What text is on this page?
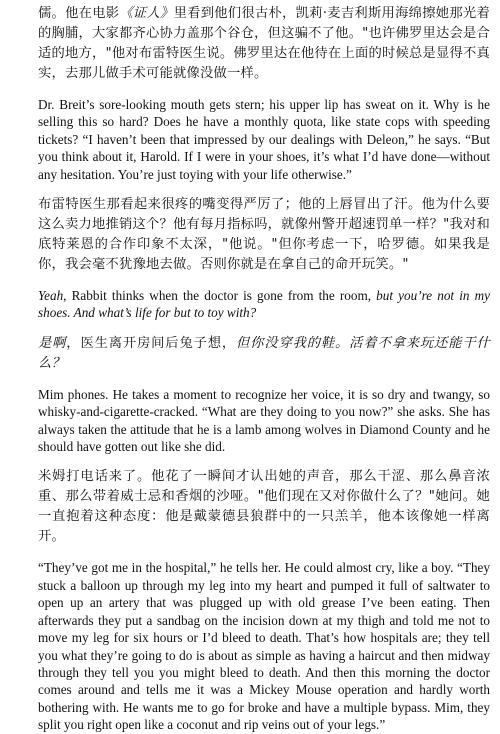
儒。他在电影《证人》里看到他们很古朴，凯莉·麦吉利斯用海绵擦她那光着的胸脯，大家都齐心协力盖那个谷仓，但这骗不了他。"也许佛罗里达会是合适的地方，"他对布雷特医生说。佛罗里达在他待在上面的时候总是显得不真实，去那儿做手术可能就像没做一样。

Dr. Breit’s sore-looking mouth gets stern; his upper lip has sweat on it. Why is he selling this so hard? Does he have a monthly quota, like state cops with speeding tickets? “I haven’t been that impressed by our dealings with Deleon,” he says. “But you think about it, Harold. If I were in your shoes, it’s what I’d have done—without any hesitation. You’re just toying with your life otherwise.”

布雷特医生那看起来很疼的嘴变得严厉了；他的上唇冒出了汗。他为什么要这么卖力地推销这个？他有每月指标吗，就像州警开超速罚单一样？"我对和底特莱恩的合作印象不太深，"他说。"但你考虑一下，哈罗德。如果我是你，我会毫不犹豫地去做。否则你就是在拿自己的命开玩笑。"

Yeah, Rabbit thinks when the doctor is gone from the room, but you’re not in my shoes. And what’s life for but to toy with?

是啊，医生离开房间后兔子想，但你没穿我的鞋。活着不拿来玩还能干什么？

Mim phones. He takes a moment to recognize her voice, it is so dry and twangy, so whisky-and-cigarette-cracked. “What are they doing to you now?” she asks. She has always taken the attitude that he is a lamb among wolves in Diamond County and he should have gotten out like she did.

米姆打电话来了。他花了一瞬间才认出她的声音，那么干涩、那么鼻音浓重、那么带着威士忌和香烟的沙哑。"他们现在又对你做什么了？"她问。她一直抱着这种态度：他是戴蒙德县狼群中的一只羔羊，他本该像她一样离开。

“They’ve got me in the hospital,” he tells her. He could almost cry, like a boy. “They stuck a balloon up through my leg into my heart and pumped it full of saltwater to open up an artery that was plugged up with old grease I’ve been eating. Then afterwards they put a sandbag on the incision down at my thigh and told me not to move my leg for six hours or I’d bleed to death. That’s how hospitals are; they tell you what they’re going to do is about as simple as having a haircut and then midway through they tell you you might bleed to death. And then this morning the doctor comes around and tells me it was a Mickey Mouse operation and hardly worth bothering with. He wants me to go for broke and have a multiple bypass. Mim, they split you right open like a coconut and rip veins out of your legs.”
